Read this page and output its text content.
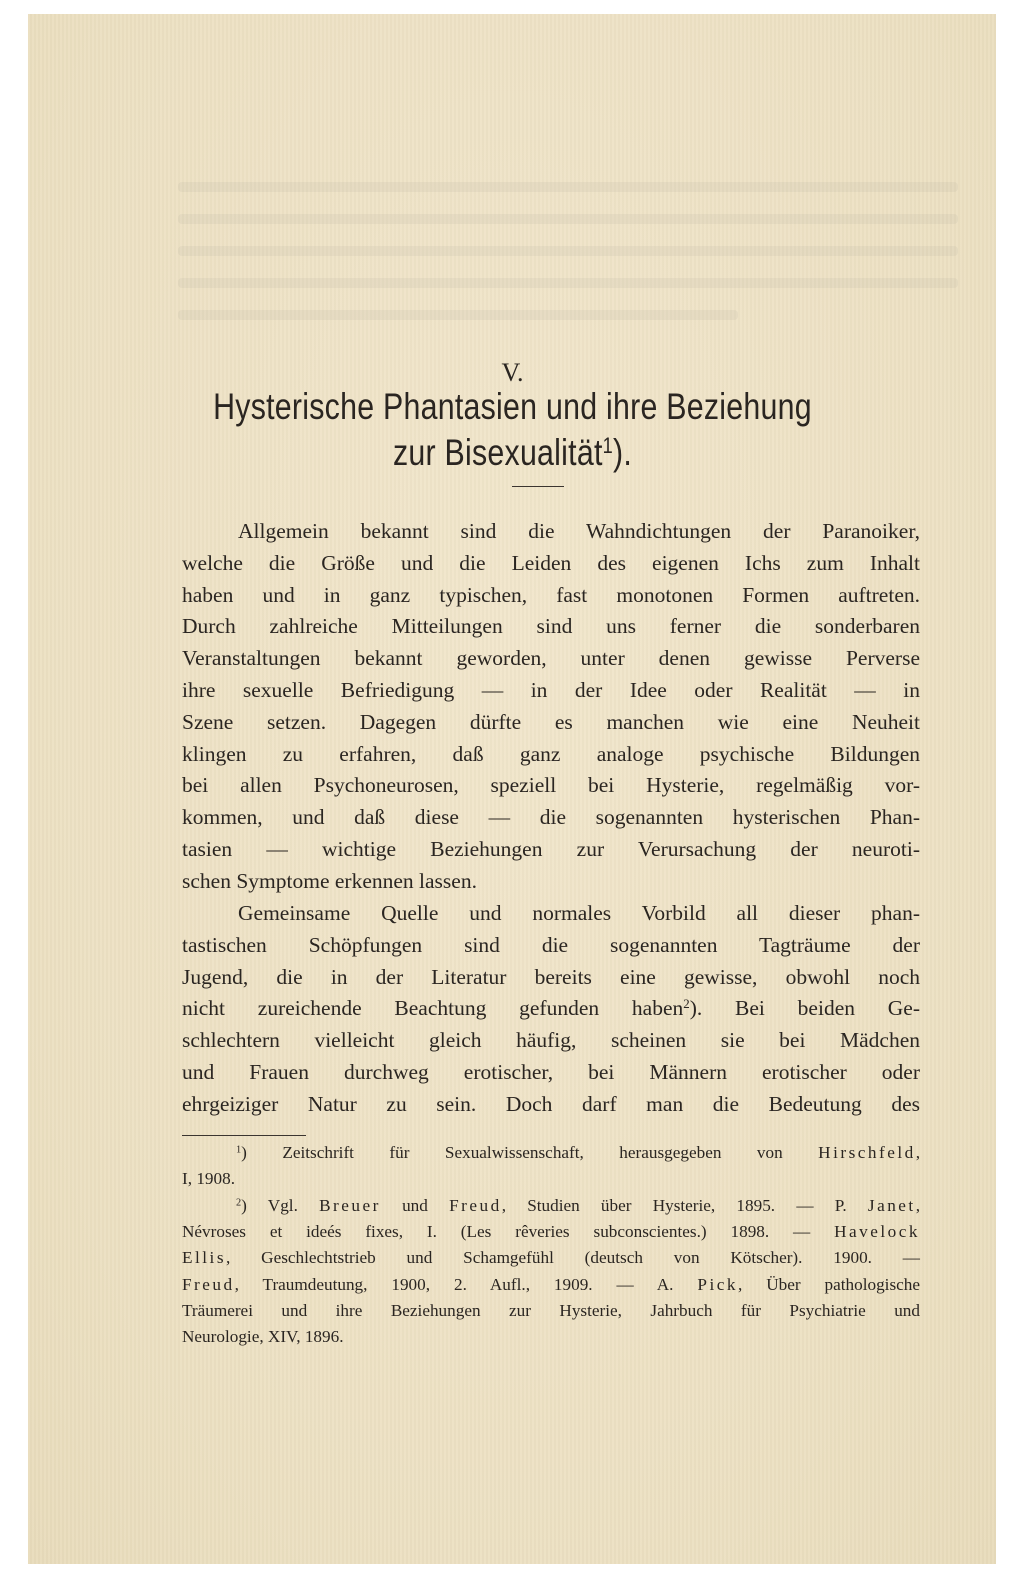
V.
Hysterische Phantasien und ihre Beziehung
zur Bisexualität$^1$).
Allgemein bekannt sind die Wahndichtungen der Paranoiker,
welche die Größe und die Leiden des eigenen Ichs zum Inhalt
haben und in ganz typischen, fast monotonen Formen auftreten.
Durch zahlreiche Mitteilungen sind uns ferner die sonderbaren
Veranstaltungen bekannt geworden, unter denen gewisse Perverse
ihre sexuelle Befriedigung — in der Idee oder Realität — in
Szene setzen. Dagegen dürfte es manchen wie eine Neuheit
klingen zu erfahren, daß ganz analoge psychische Bildungen
bei allen Psychoneurosen, speziell bei Hysterie, regelmäßig vor-
kommen, und daß diese — die sogenannten hysterischen Phan-
tasien — wichtige Beziehungen zur Verursachung der neuroti-
schen Symptome erkennen lassen.
Gemeinsame Quelle und normales Vorbild all dieser phan-
tastischen Schöpfungen sind die sogenannten Tagträume der
Jugend, die in der Literatur bereits eine gewisse, obwohl noch
nicht zureichende Beachtung gefunden haben$^2$). Bei beiden Ge-
schlechtern vielleicht gleich häufig, scheinen sie bei Mädchen
und Frauen durchweg erotischer, bei Männern erotischer oder
ehrgeiziger Natur zu sein. Doch darf man die Bedeutung des
$^1$) Zeitschrift für Sexualwissenschaft, herausgegeben von Hirschfeld,
I, 1908.
$^2$) Vgl. Breuer und Freud, Studien über Hysterie, 1895. — P. Janet,
Névroses et ideés fixes, I. (Les rêveries subconscientes.) 1898. — Havelock
Ellis, Geschlechtstrieb und Schamgefühl (deutsch von Kötscher). 1900. —
Freud, Traumdeutung, 1900, 2. Aufl., 1909. — A. Pick, Über pathologische
Träumerei und ihre Beziehungen zur Hysterie, Jahrbuch für Psychiatrie und
Neurologie, XIV, 1896.
